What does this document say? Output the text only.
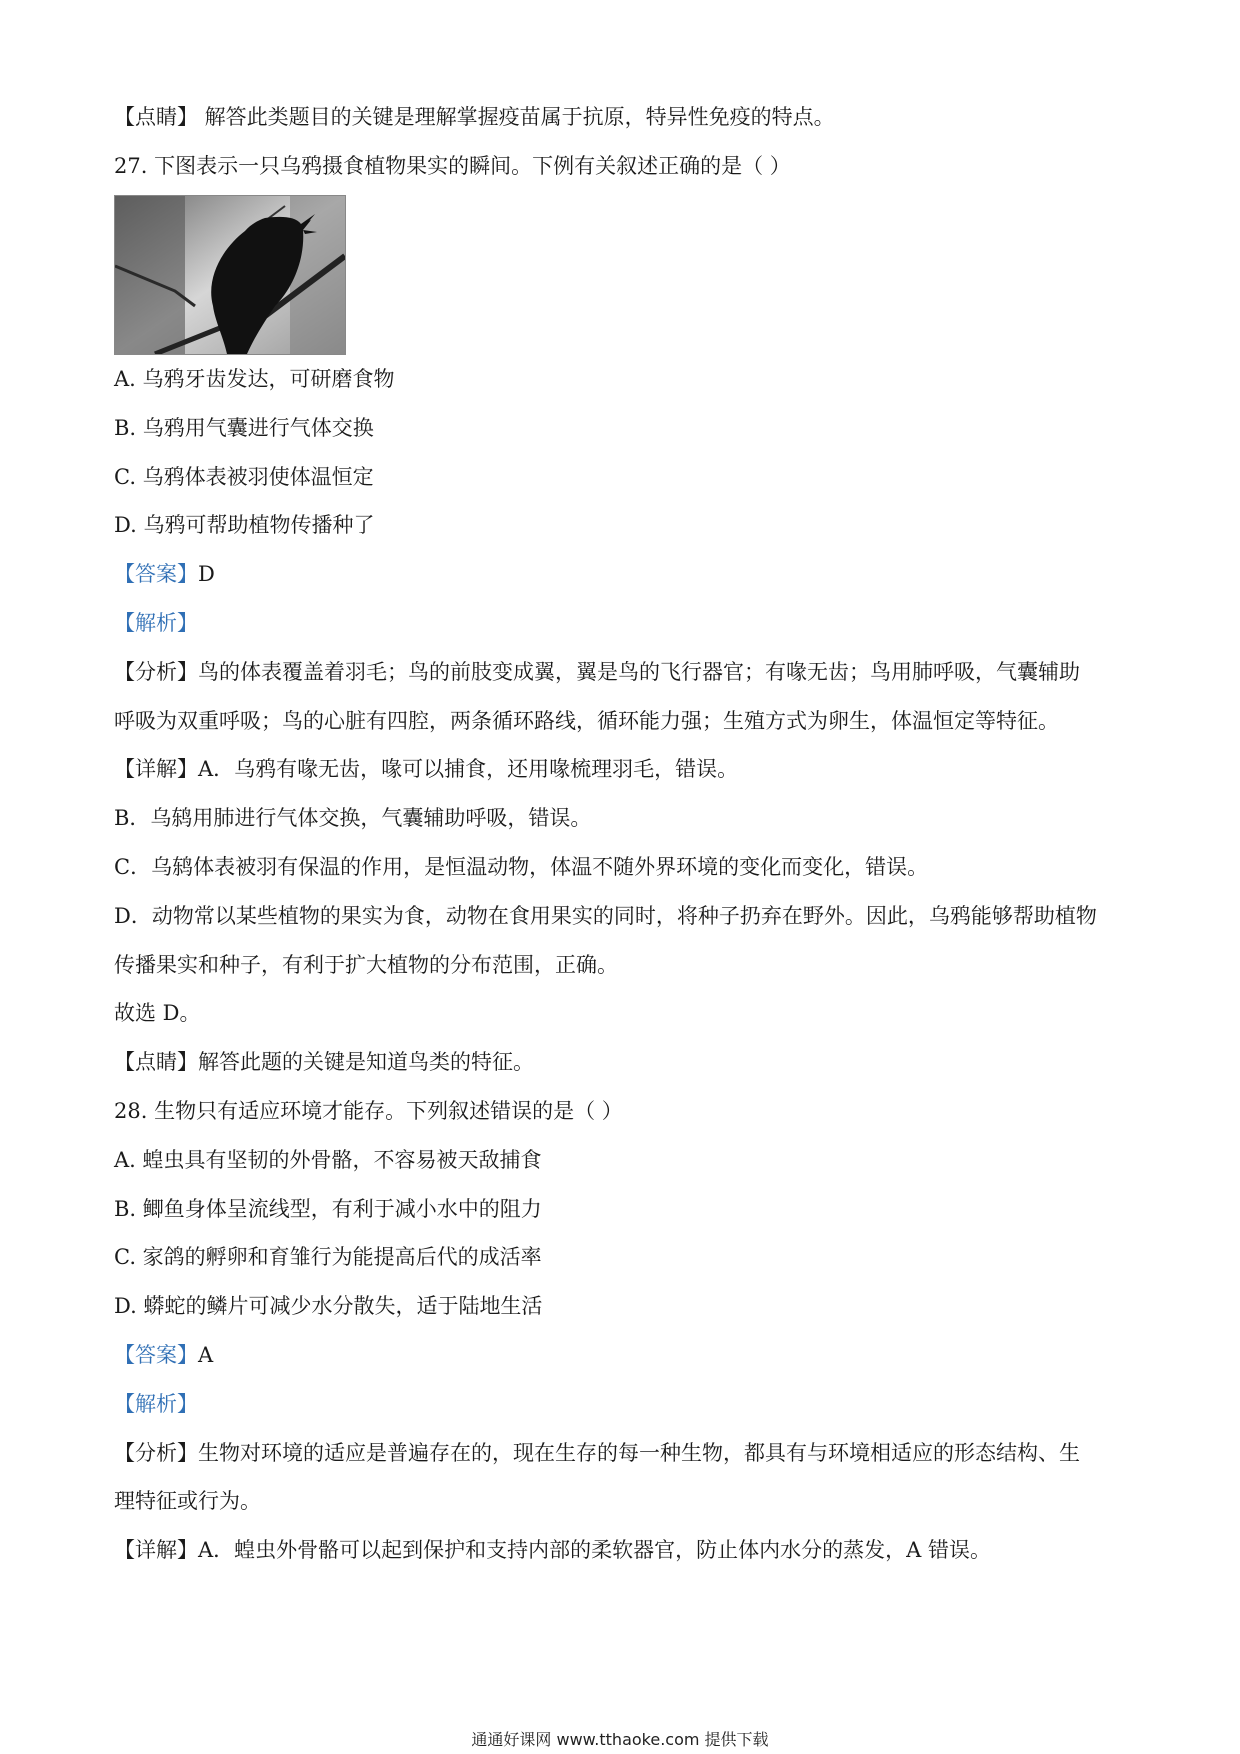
【点睛】 解答此类题目的关键是理解掌握疫苗属于抗原，特异性免疫的特点。

27. 下图表示一只乌鸦摄食植物果实的瞬间。下例有关叙述正确的是（ ）

A. 乌鸦牙齿发达，可研磨食物

B. 乌鸦用气囊进行气体交换

C. 乌鸦体表被羽使体温恒定

D. 乌鸦可帮助植物传播种了

【答案】D

【解析】

【分析】鸟的体表覆盖着羽毛；鸟的前肢变成翼，翼是鸟的飞行器官；有喙无齿；鸟用肺呼吸，气囊辅助

呼吸为双重呼吸；鸟的心脏有四腔，两条循环路线，循环能力强；生殖方式为卵生，体温恒定等特征。

【详解】A．乌鸦有喙无齿，喙可以捕食，还用喙梳理羽毛，错误。

B．乌鸫用肺进行气体交换，气囊辅助呼吸，错误。

C．乌鸫体表被羽有保温的作用，是恒温动物，体温不随外界环境的变化而变化，错误。

D．动物常以某些植物的果实为食，动物在食用果实的同时，将种子扔弃在野外。因此，乌鸦能够帮助植物

传播果实和种子，有利于扩大植物的分布范围，正确。

故选 D。

【点睛】解答此题的关键是知道鸟类的特征。

28. 生物只有适应环境才能存。下列叙述错误的是（ ）

A. 蝗虫具有坚韧的外骨骼，不容易被天敌捕食

B. 鲫鱼身体呈流线型，有利于减小水中的阻力

C. 家鸽的孵卵和育雏行为能提高后代的成活率

D. 蟒蛇的鳞片可减少水分散失，适于陆地生活

【答案】A

【解析】

【分析】生物对环境的适应是普遍存在的，现在生存的每一种生物，都具有与环境相适应的形态结构、生

理特征或行为。

【详解】A．蝗虫外骨骼可以起到保护和支持内部的柔软器官，防止体内水分的蒸发，A 错误。

通通好课网 www.tthaoke.com 提供下载
